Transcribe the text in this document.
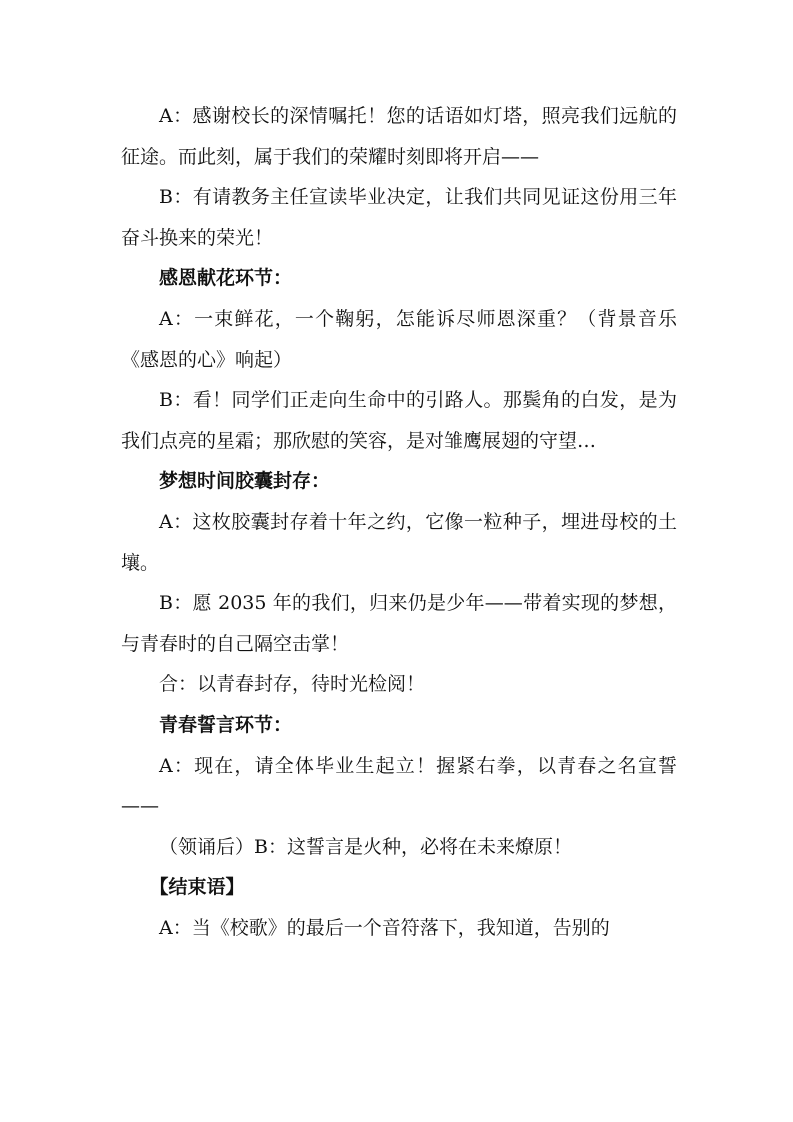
A：感谢校长的深情嘱托！您的话语如灯塔，照亮我们远航的征途。而此刻，属于我们的荣耀时刻即将开启——

B：有请教务主任宣读毕业决定，让我们共同见证这份用三年奋斗换来的荣光！

感恩献花环节：

A：一束鲜花，一个鞠躬，怎能诉尽师恩深重？（背景音乐《感恩的心》响起）

B：看！同学们正走向生命中的引路人。那鬓角的白发，是为我们点亮的星霜；那欣慰的笑容，是对雏鹰展翅的守望…

梦想时间胶囊封存：

A：这枚胶囊封存着十年之约，它像一粒种子，埋进母校的土壤。

B：愿 2035 年的我们，归来仍是少年——带着实现的梦想，与青春时的自己隔空击掌！

合：以青春封存，待时光检阅！

青春誓言环节：

A：现在，请全体毕业生起立！握紧右拳，以青春之名宣誓——

（领诵后）B：这誓言是火种，必将在未来燎原！

【结束语】

A：当《校歌》的最后一个音符落下，我知道，告别的
